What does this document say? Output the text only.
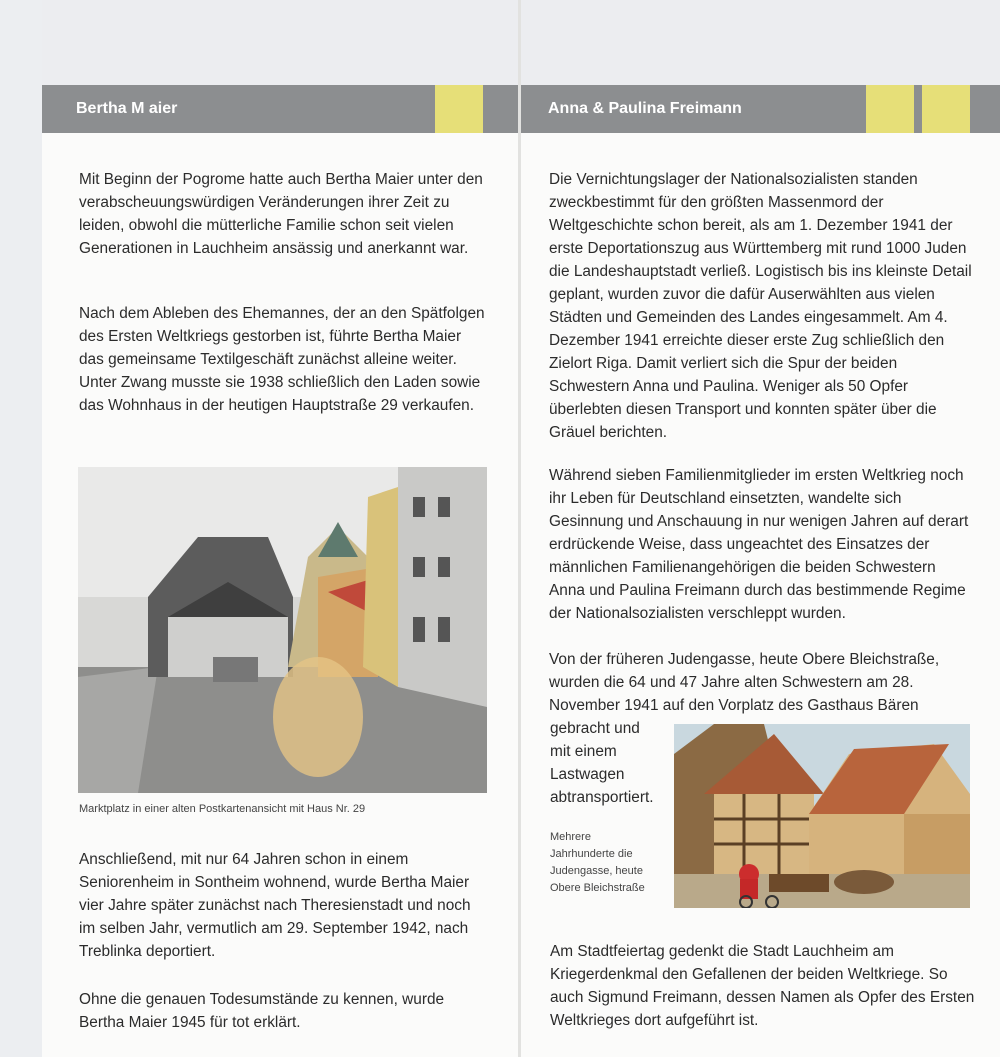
Bertha M aier

Mit Beginn der Pogrome hatte auch Bertha Maier unter den verabscheuungswürdigen Veränderungen ihrer Zeit zu leiden, obwohl die mütterliche Familie schon seit vielen Generationen in Lauchheim ansässig und anerkannt war.

Nach dem Ableben des Ehemannes, der an den Spätfolgen des Ersten Weltkriegs gestorben ist, führte Bertha Maier das gemeinsame Textilgeschäft zunächst alleine weiter. Unter Zwang musste sie 1938 schließlich den Laden sowie das Wohnhaus in der heutigen Hauptstraße 29 verkaufen.

Marktplatz in einer alten Postkartenansicht mit Haus Nr. 29

Anschließend, mit nur 64 Jahren schon in einem Seniorenheim in Sontheim wohnend, wurde Bertha Maier vier Jahre später zunächst nach Theresienstadt und noch im selben Jahr, vermutlich am 29. September 1942, nach Treblinka deportiert.

Ohne die genauen Todesumstände zu kennen, wurde Bertha Maier 1945 für tot erklärt.

Anna & Paulina Freimann

Die Vernichtungslager der Nationalsozialisten standen zweckbestimmt für den größten Massenmord der Weltgeschichte schon bereit, als am 1. Dezember 1941 der erste Deportationszug aus Württemberg mit rund 1000 Juden die Landeshauptstadt verließ. Logistisch bis ins kleinste Detail geplant, wurden zuvor die dafür Auserwählten aus vielen Städten und Gemeinden des Landes eingesammelt. Am 4. Dezember 1941 erreichte dieser erste Zug schließlich den Zielort Riga. Damit verliert sich die Spur der beiden Schwestern Anna und Paulina. Weniger als 50 Opfer überlebten diesen Transport und konnten später über die Gräuel berichten.

Während sieben Familienmitglieder im ersten Weltkrieg noch ihr Leben für Deutschland einsetzten, wandelte sich Gesinnung und Anschauung in nur wenigen Jahren auf derart erdrückende Weise, dass ungeachtet des Einsatzes der männlichen Familienangehörigen die beiden Schwestern Anna und Paulina Freimann durch das bestimmende Regime der Nationalsozialisten verschleppt wurden.

Von der früheren Judengasse, heute Obere Bleichstraße, wurden die 64 und 47 Jahre alten Schwestern am 28. November 1941 auf den Vorplatz des Gasthaus Bären

gebracht und mit einem Lastwagen abtransportiert.

Mehrere Jahrhunderte die Judengasse, heute Obere Bleichstraße

Am Stadtfeiertag gedenkt die Stadt Lauchheim am Kriegerdenkmal den Gefallenen der beiden Weltkriege. So auch Sigmund Freimann, dessen Namen als Opfer des Ersten Weltkrieges dort aufgeführt ist.
